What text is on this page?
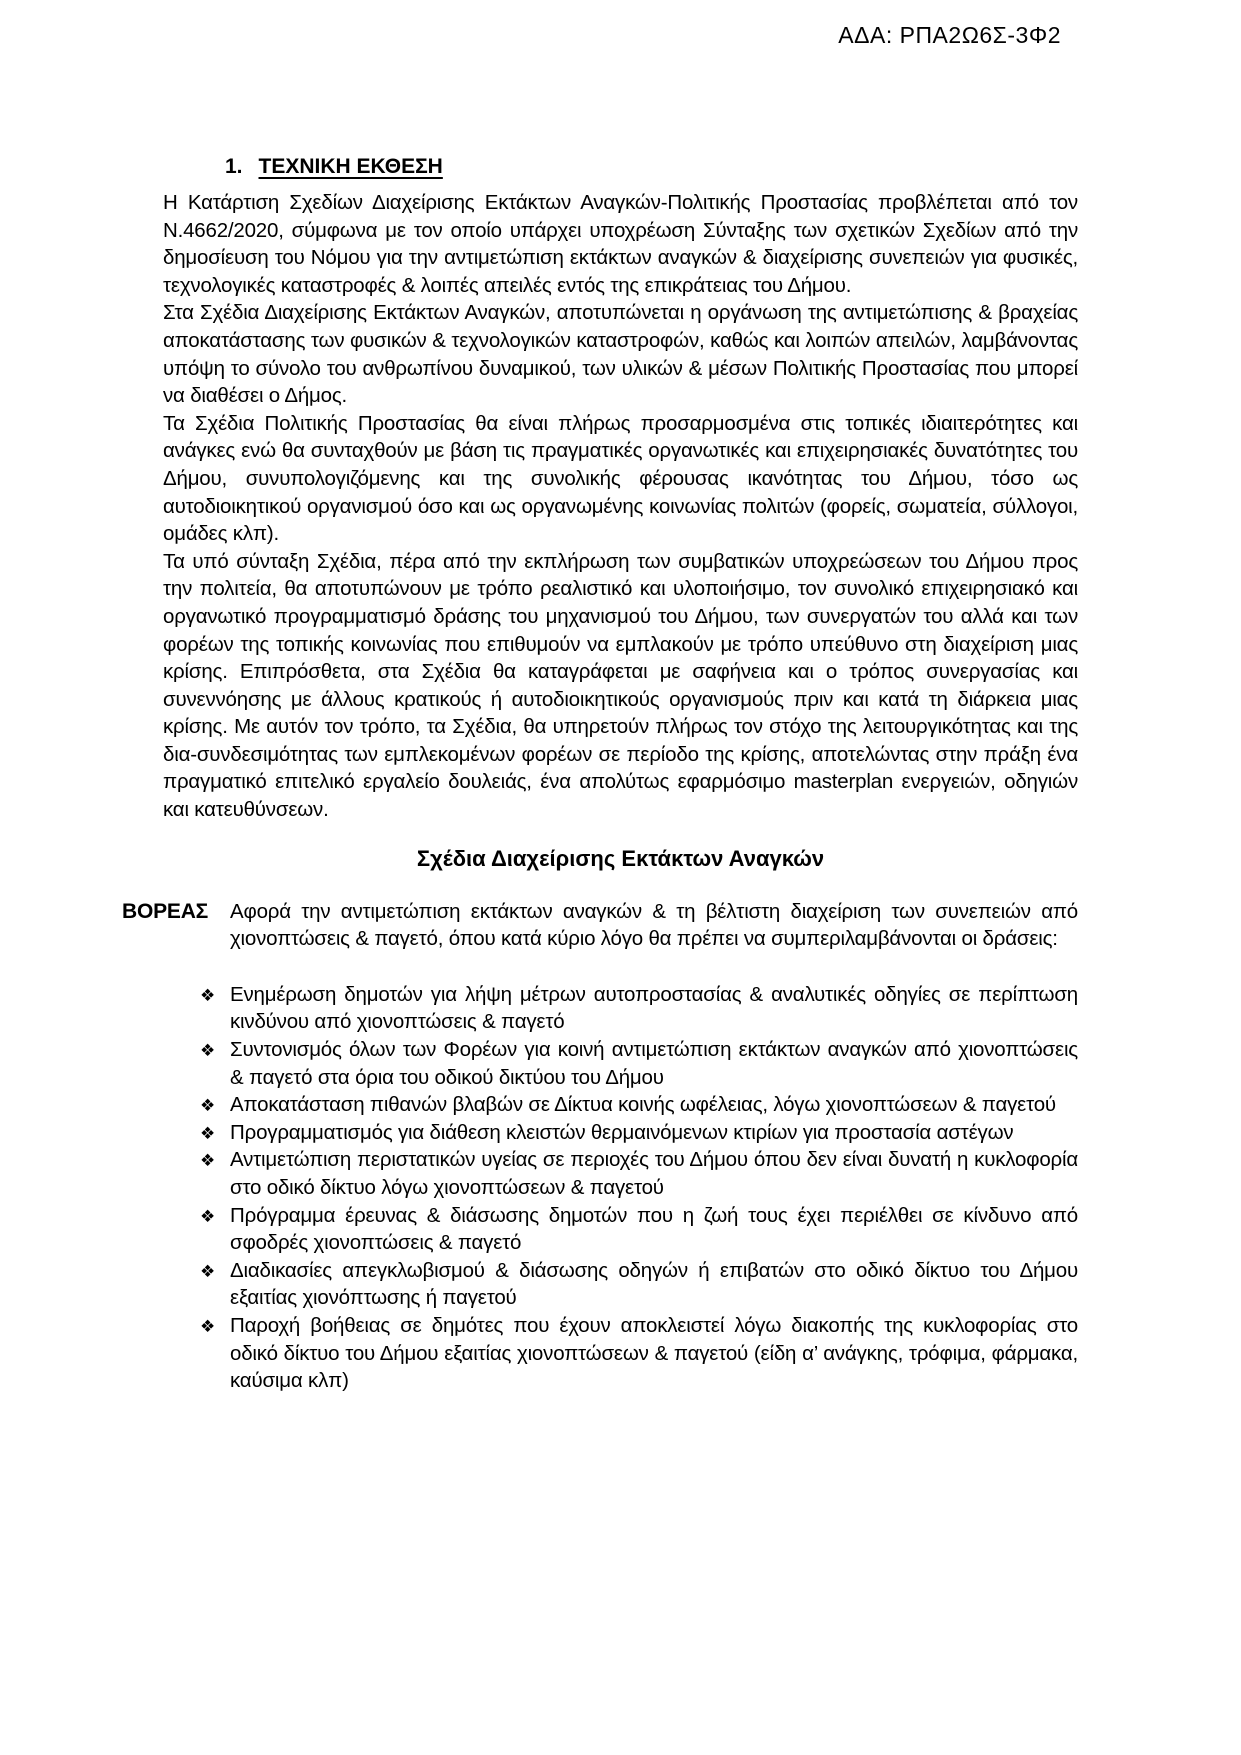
ΑΔΑ: ΡΠΑ2Ω6Σ-3Φ2
1. ΤΕΧΝΙΚΗ ΕΚΘΕΣΗ

Η Κατάρτιση Σχεδίων Διαχείρισης Εκτάκτων Αναγκών-Πολιτικής Προστασίας προβλέπεται από τον Ν.4662/2020, σύμφωνα με τον οποίο υπάρχει υποχρέωση Σύνταξης των σχετικών Σχεδίων από την δημοσίευση του Νόμου για την αντιμετώπιση εκτάκτων αναγκών & διαχείρισης συνεπειών για φυσικές, τεχνολογικές καταστροφές & λοιπές απειλές εντός της επικράτειας του Δήμου.

Στα Σχέδια Διαχείρισης Εκτάκτων Αναγκών, αποτυπώνεται η οργάνωση της αντιμετώπισης & βραχείας αποκατάστασης των φυσικών & τεχνολογικών καταστροφών, καθώς και λοιπών απειλών, λαμβάνοντας υπόψη το σύνολο του ανθρωπίνου δυναμικού, των υλικών & μέσων Πολιτικής Προστασίας που μπορεί να διαθέσει ο Δήμος.

Τα Σχέδια Πολιτικής Προστασίας θα είναι πλήρως προσαρμοσμένα στις τοπικές ιδιαιτερότητες και ανάγκες ενώ θα συνταχθούν με βάση τις πραγματικές οργανωτικές και επιχειρησιακές δυνατότητες του Δήμου, συνυπολογιζόμενης και της συνολικής φέρουσας ικανότητας του Δήμου, τόσο ως αυτοδιοικητικού οργανισμού όσο και ως οργανωμένης κοινωνίας πολιτών (φορείς, σωματεία, σύλλογοι, ομάδες κλπ).

Τα υπό σύνταξη Σχέδια, πέρα από την εκπλήρωση των συμβατικών υποχρεώσεων του Δήμου προς την πολιτεία, θα αποτυπώνουν με τρόπο ρεαλιστικό και υλοποιήσιμο, τον συνολικό επιχειρησιακό και οργανωτικό προγραμματισμό δράσης του μηχανισμού του Δήμου, των συνεργατών του αλλά και των φορέων της τοπικής κοινωνίας που επιθυμούν να εμπλακούν με τρόπο υπεύθυνο στη διαχείριση μιας κρίσης. Επιπρόσθετα, στα Σχέδια θα καταγράφεται με σαφήνεια και ο τρόπος συνεργασίας και συνεννόησης με άλλους κρατικούς ή αυτοδιοικητικούς οργανισμούς πριν και κατά τη διάρκεια μιας κρίσης. Με αυτόν τον τρόπο, τα Σχέδια, θα υπηρετούν πλήρως τον στόχο της λειτουργικότητας και της δια-συνδεσιμότητας των εμπλεκομένων φορέων σε περίοδο της κρίσης, αποτελώντας στην πράξη ένα πραγματικό επιτελικό εργαλείο δουλειάς, ένα απολύτως εφαρμόσιμο masterplan ενεργειών, οδηγιών και κατευθύνσεων.

Σχέδια Διαχείρισης Εκτάκτων Αναγκών
ΒΟΡΕΑΣ	Αφορά την αντιμετώπιση εκτάκτων αναγκών & τη βέλτιστη διαχείριση των συνεπειών από χιονοπτώσεις & παγετό, όπου κατά κύριο λόγο θα πρέπει να συμπεριλαμβάνονται οι δράσεις:

❖ Ενημέρωση δημοτών για λήψη μέτρων αυτοπροστασίας & αναλυτικές οδηγίες σε περίπτωση κινδύνου από χιονοπτώσεις & παγετό
❖ Συντονισμός όλων των Φορέων για κοινή αντιμετώπιση εκτάκτων αναγκών από χιονοπτώσεις & παγετό στα όρια του οδικού δικτύου του Δήμου
❖ Αποκατάσταση πιθανών βλαβών σε Δίκτυα κοινής ωφέλειας, λόγω χιονοπτώσεων & παγετού
❖ Προγραμματισμός για διάθεση κλειστών θερμαινόμενων κτιρίων για προστασία αστέγων
❖ Αντιμετώπιση περιστατικών υγείας σε περιοχές του Δήμου όπου δεν είναι δυνατή η κυκλοφορία στο οδικό δίκτυο λόγω χιονοπτώσεων & παγετού
❖ Πρόγραμμα έρευνας & διάσωσης δημοτών που η ζωή τους έχει περιέλθει σε κίνδυνο από σφοδρές χιονοπτώσεις & παγετό
❖ Διαδικασίες απεγκλωβισμού & διάσωσης οδηγών ή επιβατών στο οδικό δίκτυο του Δήμου εξαιτίας χιονόπτωσης ή παγετού
❖ Παροχή βοήθειας σε δημότες που έχουν αποκλειστεί λόγω διακοπής της κυκλοφορίας στο οδικό δίκτυο του Δήμου εξαιτίας χιονοπτώσεων & παγετού (είδη α’ ανάγκης, τρόφιμα, φάρμακα, καύσιμα κλπ)
